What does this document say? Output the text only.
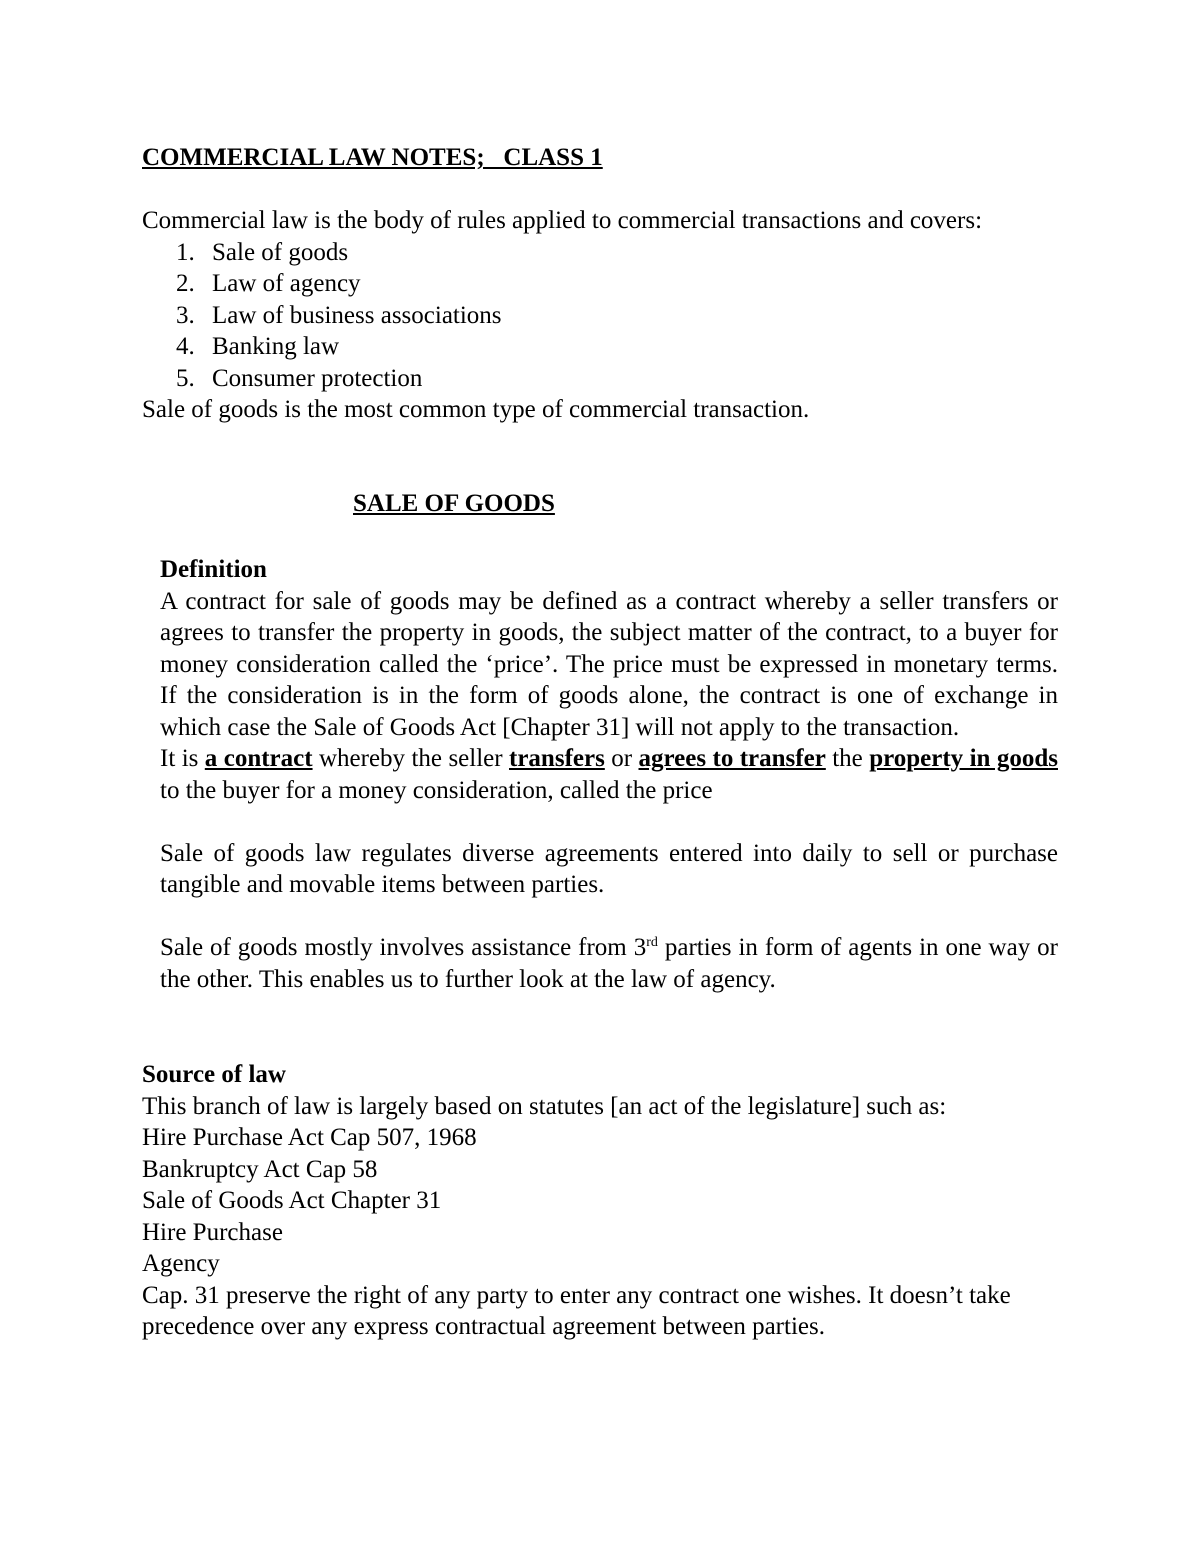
COMMERCIAL LAW NOTES;   CLASS 1

Commercial law is the body of rules applied to commercial transactions and covers:

1. Sale of goods
2. Law of agency
3. Law of business associations
4. Banking law
5. Consumer protection

Sale of goods is the most common type of commercial transaction.

SALE OF GOODS

Definition

A contract for sale of goods may be defined as a contract whereby a seller transfers or agrees to transfer the property in goods, the subject matter of the contract, to a buyer for money consideration called the ‘price’. The price must be expressed in monetary terms. If the consideration is in the form of goods alone, the contract is one of exchange in which case the Sale of Goods Act [Chapter 31] will not apply to the transaction.

It is a contract whereby the seller transfers or agrees to transfer the property in goods to the buyer for a money consideration, called the price

Sale of goods law regulates diverse agreements entered into daily to sell or purchase tangible and movable items between parties.

Sale of goods mostly involves assistance from 3rd parties in form of agents in one way or the other. This enables us to further look at the law of agency.

Source of law

This branch of law is largely based on statutes [an act of the legislature] such as:

Hire Purchase Act Cap 507, 1968

Bankruptcy Act Cap 58

Sale of Goods Act Chapter 31

Hire Purchase

Agency

Cap. 31 preserve the right of any party to enter any contract one wishes. It doesn’t take precedence over any express contractual agreement between parties.
